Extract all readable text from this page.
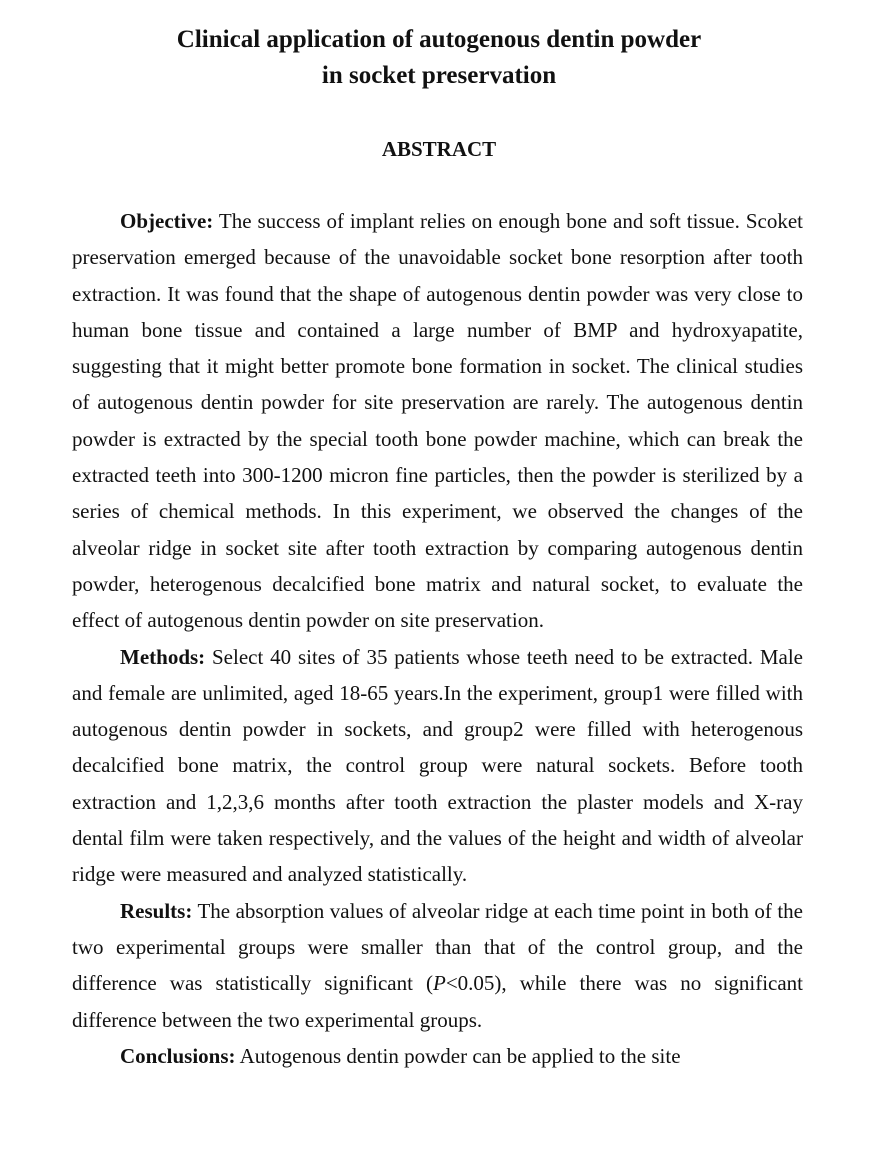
Clinical application of autogenous dentin powder
in socket preservation
ABSTRACT

Objective: The success of implant relies on enough bone and soft tissue. Scoket preservation emerged because of the unavoidable socket bone resorption after tooth extraction. It was found that the shape of autogenous dentin powder was very close to human bone tissue and contained a large number of BMP and hydroxyapatite, suggesting that it might better promote bone formation in socket. The clinical studies of autogenous dentin powder for site preservation are rarely. The autogenous dentin powder is extracted by the special tooth bone powder machine, which can break the extracted teeth into 300-1200 micron fine particles, then the powder is sterilized by a series of chemical methods. In this experiment, we observed the changes of the alveolar ridge in socket site after tooth extraction by comparing autogenous dentin powder, heterogenous decalcified bone matrix and natural socket, to evaluate the effect of autogenous dentin powder on site preservation.

Methods: Select 40 sites of 35 patients whose teeth need to be extracted. Male and female are unlimited, aged 18-65 years.In the experiment, group1 were filled with autogenous dentin powder in sockets, and group2 were filled with heterogenous decalcified bone matrix, the control group were natural sockets. Before tooth extraction and 1,2,3,6 months after tooth extraction the plaster models and X-ray dental film were taken respectively, and the values of the height and width of alveolar ridge were measured and analyzed statistically.

Results: The absorption values of alveolar ridge at each time point in both of the two experimental groups were smaller than that of the control group, and the difference was statistically significant (P<0.05), while there was no significant difference between the two experimental groups.

Conclusions: Autogenous dentin powder can be applied to the site
